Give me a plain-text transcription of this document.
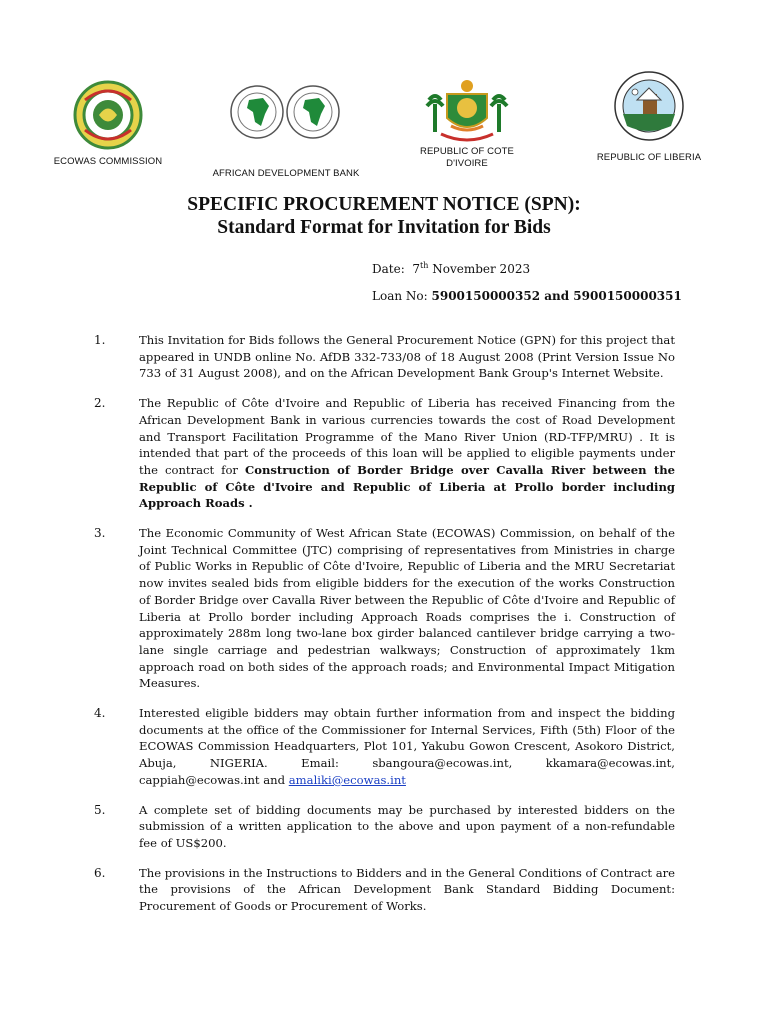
ECOWAS COMMISSION
AFRICAN DEVELOPMENT BANK
REPUBLIC OF COTE
D'IVOIRE
REPUBLIC OF LIBERIA
SPECIFIC PROCUREMENT NOTICE (SPN):
Standard Format for Invitation for Bids
Date: 7th November 2023
Loan No: 5900150000352 and 5900150000351
1.	This Invitation for Bids follows the General Procurement Notice (GPN) for this project that appeared in UNDB online No. AfDB 332-733/08 of 18 August 2008 (Print Version Issue No 733 of 31 August 2008), and on the African Development Bank Group's Internet Website.
2.	The Republic of Côte d'Ivoire and Republic of Liberia has received Financing from the African Development Bank in various currencies towards the cost of Road Development and Transport Facilitation Programme of the Mano River Union (RD-TFP/MRU) . It is intended that part of the proceeds of this loan will be applied to eligible payments under the contract for Construction of Border Bridge over Cavalla River between the Republic of Côte d'Ivoire and Republic of Liberia at Prollo border including Approach Roads .
3.	The Economic Community of West African State (ECOWAS) Commission, on behalf of the Joint Technical Committee (JTC) comprising of representatives from Ministries in charge of Public Works in Republic of Côte d'Ivoire, Republic of Liberia and the MRU Secretariat now invites sealed bids from eligible bidders for the execution of the works Construction of Border Bridge over Cavalla River between the Republic of Côte d'Ivoire and Republic of Liberia at Prollo border including Approach Roads comprises the i. Construction of approximately 288m long two-lane box girder balanced cantilever bridge carrying a two-lane single carriage and pedestrian walkways; Construction of approximately 1km approach road on both sides of the approach roads; and Environmental Impact Mitigation Measures.
4.	Interested eligible bidders may obtain further information from and inspect the bidding documents at the office of the Commissioner for Internal Services, Fifth (5th) Floor of the ECOWAS Commission Headquarters, Plot 101, Yakubu Gowon Crescent, Asokoro District, Abuja, NIGERIA. Email: sbangoura@ecowas.int, kkamara@ecowas.int, cappiah@ecowas.int and amaliki@ecowas.int
5.	A complete set of bidding documents may be purchased by interested bidders on the submission of a written application to the above and upon payment of a non-refundable fee of US$200.
6.	The provisions in the Instructions to Bidders and in the General Conditions of Contract are the provisions of the African Development Bank Standard Bidding Document: Procurement of Goods or Procurement of Works.
